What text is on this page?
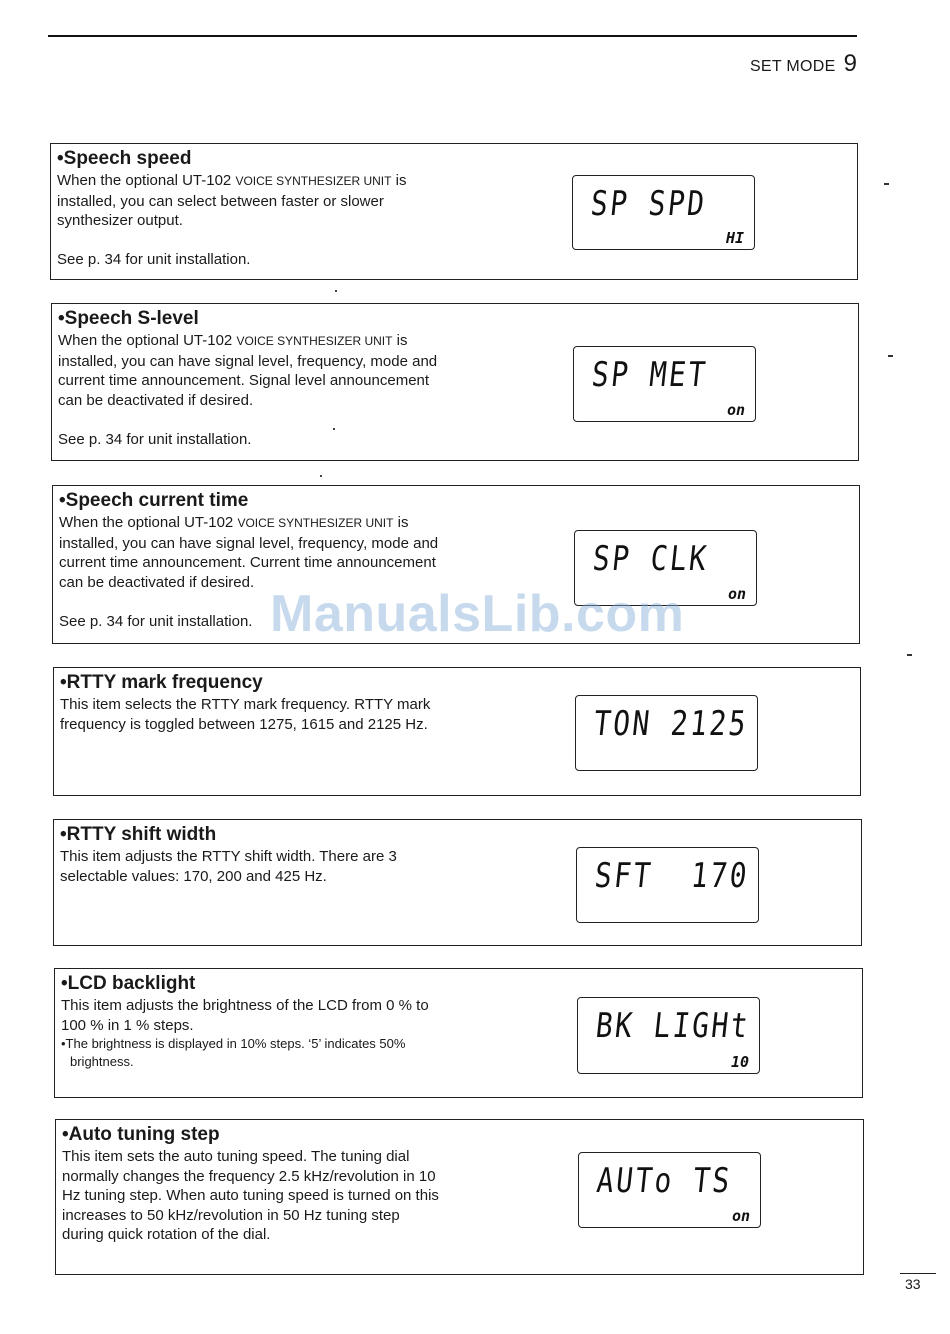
SET MODE 9
•Speech speed

When the optional UT-102 VOICE SYNTHESIZER UNIT is installed, you can select between faster or slower synthesizer output.

See p. 34 for unit installation.

SP SPD
HI
•Speech S-level

When the optional UT-102 VOICE SYNTHESIZER UNIT is installed, you can have signal level, frequency, mode and current time announcement. Signal level announcement can be deactivated if desired.

See p. 34 for unit installation.

SP MET
on
•Speech current time

When the optional UT-102 VOICE SYNTHESIZER UNIT is installed, you can have signal level, frequency, mode and current time announcement. Current time announcement can be deactivated if desired.

See p. 34 for unit installation.

SP CLK
on
•RTTY mark frequency

This item selects the RTTY mark frequency. RTTY mark frequency is toggled between 1275, 1615 and 2125 Hz.	TON 2125
•RTTY shift width

This item adjusts the RTTY shift width. There are 3 selectable values: 170, 200 and 425 Hz.	SFT  170
•LCD backlight

This item adjusts the brightness of the LCD from 0 % to 100 % in 1 % steps.

•The brightness is displayed in 10% steps. ‘5’ indicates 50% brightness.

BK LIGHt
10
•Auto tuning step

This item sets the auto tuning speed. The tuning dial normally changes the frequency 2.5 kHz/revolution in 10 Hz tuning step. When auto tuning speed is turned on this increases to 50 kHz/revolution in 50 Hz tuning step during quick rotation of the dial.

AUTo TS
on
ManualsLib.com
33
